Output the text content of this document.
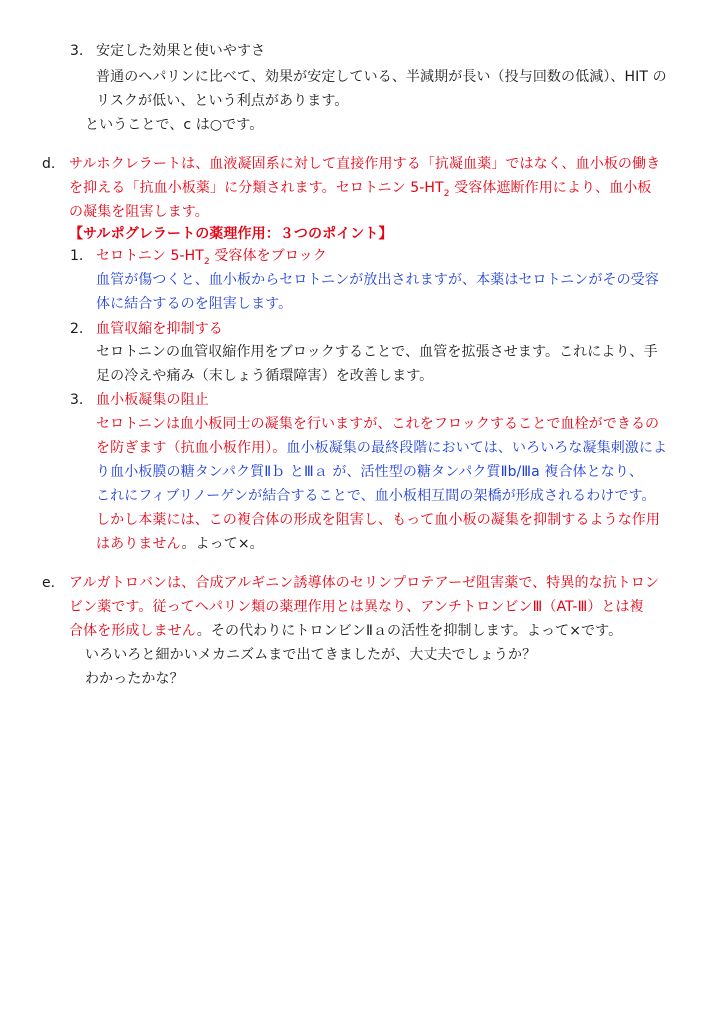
3. 安定した効果と使いやすさ
普通のヘパリンに比べて、効果が安定している、半減期が長い（投与回数の低減）、HIT の
リスクが低い、という利点があります。
ということで、c は○です。
d. サルホクレラートは、血液凝固系に対して直接作用する「抗凝血薬」ではなく、血小板の働き
を抑える「抗血小板薬」に分類されます。セロトニン $5-HT_2$ 受容体遮断作用により、血小板
の凝集を阻害します。
【サルポグレラートの薬理作用：３つのポイント】
1. セロトニン $5-HT_2$ 受容体をブロック
血管が傷つくと、血小板からセロトニンが放出されますが、本薬はセロトニンがその受容
体に結合するのを阻害します。
2. 血管収縮を抑制する
セロトニンの血管収縮作用をブロックすることで、血管を拡張させます。これにより、手
足の冷えや痛み（末しょう循環障害）を改善します。
3. 血小板凝集の阻止
セロトニンは血小板同士の凝集を行いますが、これをフロックすることで血栓ができるの
を防ぎます（抗血小板作用）。血小板凝集の最終段階においては、いろいろな凝集刺激によ
り血小板膜の糖タンパク質Ⅱｂ とⅢａ が、活性型の糖タンパク質Ⅱb/Ⅲa 複合体となり、
これにフィブリノーゲンが結合することで、血小板相互間の架橋が形成されるわけです。
しかし本薬には、この複合体の形成を阻害し、もって血小板の凝集を抑制するような作用
はありません。よって×。
e. アルガトロバンは、合成アルギニン誘導体のセリンプロテアーゼ阻害薬で、特異的な抗トロン
ビン薬です。従ってヘパリン類の薬理作用とは異なり、アンチトロンビンⅢ（AT-Ⅲ）とは複
合体を形成しません。その代わりにトロンビンⅡａの活性を抑制します。よって×です。
いろいろと細かいメカニズムまで出てきましたが、大丈夫でしょうか？
わかったかな？
